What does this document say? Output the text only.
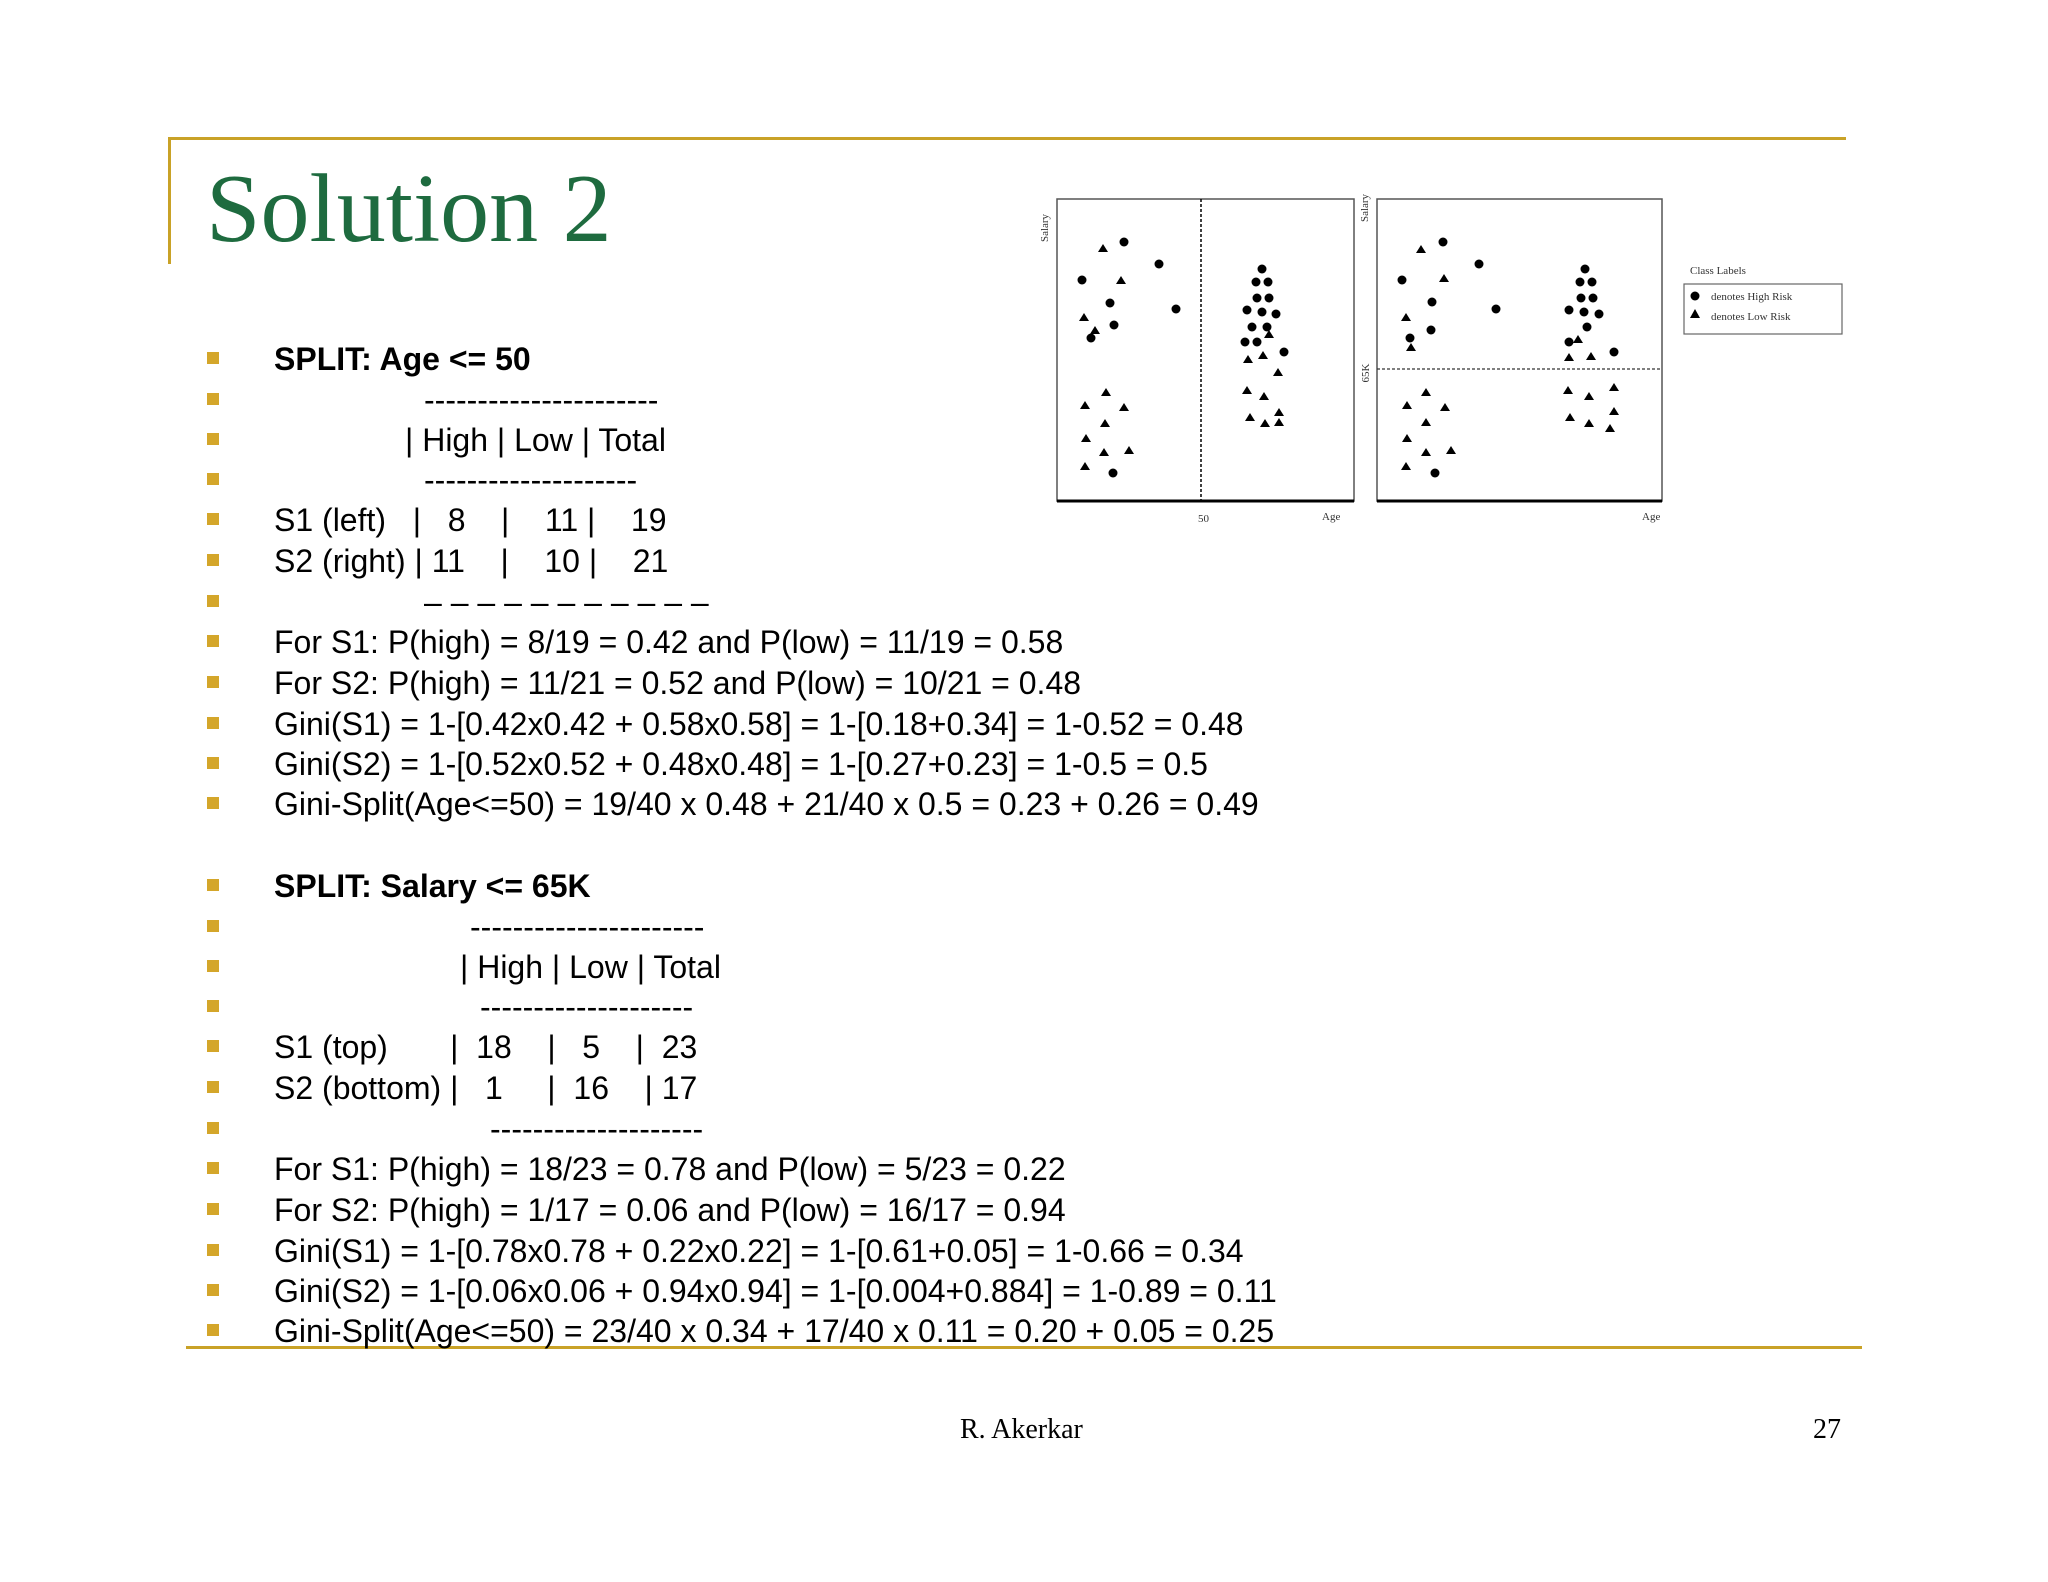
Solution 2
SPLIT: Age <= 50
----------------------
| High | Low | Total
--------------------
S1 (left)   |   8    |    11 |    19
S2 (right) | 11    |    10 |    21
– – – – – – – – – – –
For S1: P(high) = 8/19 = 0.42 and P(low) = 11/19 = 0.58
For S2: P(high) = 11/21 = 0.52 and P(low) = 10/21 = 0.48
Gini(S1) = 1-[0.42x0.42 + 0.58x0.58] = 1-[0.18+0.34] = 1-0.52 = 0.48
Gini(S2) = 1-[0.52x0.52 + 0.48x0.48] = 1-[0.27+0.23] = 1-0.5 = 0.5
Gini-Split(Age<=50) = 19/40 x 0.48 + 21/40 x 0.5 = 0.23 + 0.26 = 0.49
SPLIT: Salary <= 65K
----------------------
| High | Low | Total
--------------------
S1 (top)       |  18    |   5    |  23
S2 (bottom) |   1     |  16    | 17
--------------------
For S1: P(high) = 18/23 = 0.78 and P(low) = 5/23 = 0.22
For S2: P(high) = 1/17 = 0.06 and P(low) = 16/17 = 0.94
Gini(S1) = 1-[0.78x0.78 + 0.22x0.22] = 1-[0.61+0.05] = 1-0.66 = 0.34
Gini(S2) = 1-[0.06x0.06 + 0.94x0.94] = 1-[0.004+0.884] = 1-0.89 = 0.11
Gini-Split(Age<=50) = 23/40 x 0.34 + 17/40 x 0.11 = 0.20 + 0.05 = 0.25
Salary
50	Age
Salary
65K
Age
Class Labels
denotes High Risk
denotes Low Risk
R. Akerkar	27
